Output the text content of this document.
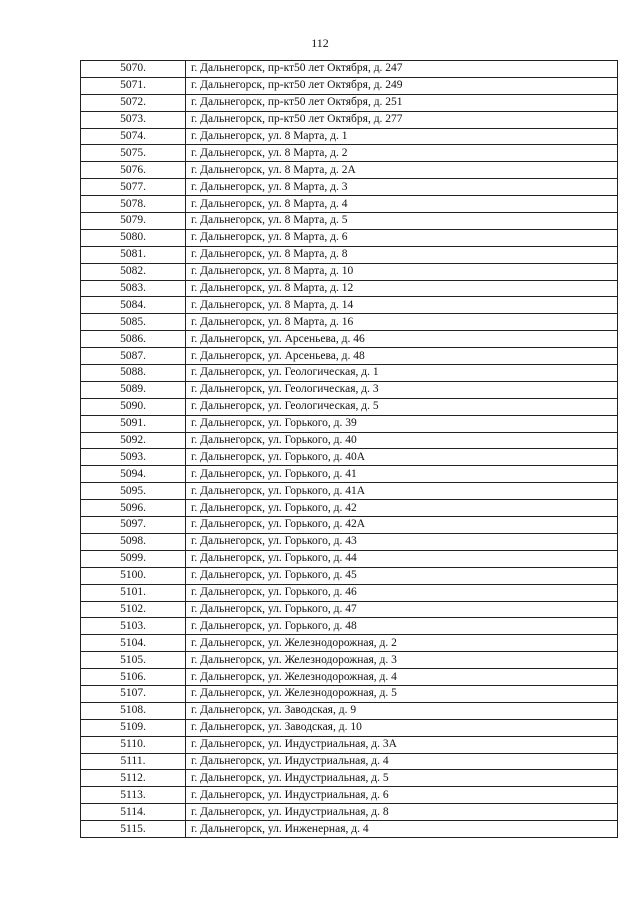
112
5070.	г. Дальнегорск, пр-кт50 лет Октября, д. 247
5071.	г. Дальнегорск, пр-кт50 лет Октября, д. 249
5072.	г. Дальнегорск, пр-кт50 лет Октября, д. 251
5073.	г. Дальнегорск, пр-кт50 лет Октября, д. 277
5074.	г. Дальнегорск, ул. 8 Марта, д. 1
5075.	г. Дальнегорск, ул. 8 Марта, д. 2
5076.	г. Дальнегорск, ул. 8 Марта, д. 2А
5077.	г. Дальнегорск, ул. 8 Марта, д. 3
5078.	г. Дальнегорск, ул. 8 Марта, д. 4
5079.	г. Дальнегорск, ул. 8 Марта, д. 5
5080.	г. Дальнегорск, ул. 8 Марта, д. 6
5081.	г. Дальнегорск, ул. 8 Марта, д. 8
5082.	г. Дальнегорск, ул. 8 Марта, д. 10
5083.	г. Дальнегорск, ул. 8 Марта, д. 12
5084.	г. Дальнегорск, ул. 8 Марта, д. 14
5085.	г. Дальнегорск, ул. 8 Марта, д. 16
5086.	г. Дальнегорск, ул. Арсеньева, д. 46
5087.	г. Дальнегорск, ул. Арсеньева, д. 48
5088.	г. Дальнегорск, ул. Геологическая, д. 1
5089.	г. Дальнегорск, ул. Геологическая, д. 3
5090.	г. Дальнегорск, ул. Геологическая, д. 5
5091.	г. Дальнегорск, ул. Горького, д. 39
5092.	г. Дальнегорск, ул. Горького, д. 40
5093.	г. Дальнегорск, ул. Горького, д. 40А
5094.	г. Дальнегорск, ул. Горького, д. 41
5095.	г. Дальнегорск, ул. Горького, д. 41А
5096.	г. Дальнегорск, ул. Горького, д. 42
5097.	г. Дальнегорск, ул. Горького, д. 42А
5098.	г. Дальнегорск, ул. Горького, д. 43
5099.	г. Дальнегорск, ул. Горького, д. 44
5100.	г. Дальнегорск, ул. Горького, д. 45
5101.	г. Дальнегорск, ул. Горького, д. 46
5102.	г. Дальнегорск, ул. Горького, д. 47
5103.	г. Дальнегорск, ул. Горького, д. 48
5104.	г. Дальнегорск, ул. Железнодорожная, д. 2
5105.	г. Дальнегорск, ул. Железнодорожная, д. 3
5106.	г. Дальнегорск, ул. Железнодорожная, д. 4
5107.	г. Дальнегорск, ул. Железнодорожная, д. 5
5108.	г. Дальнегорск, ул. Заводская, д. 9
5109.	г. Дальнегорск, ул. Заводская, д. 10
5110.	г. Дальнегорск, ул. Индустриальная, д. 3А
5111.	г. Дальнегорск, ул. Индустриальная, д. 4
5112.	г. Дальнегорск, ул. Индустриальная, д. 5
5113.	г. Дальнегорск, ул. Индустриальная, д. 6
5114.	г. Дальнегорск, ул. Индустриальная, д. 8
5115.	г. Дальнегорск, ул. Инженерная, д. 4
